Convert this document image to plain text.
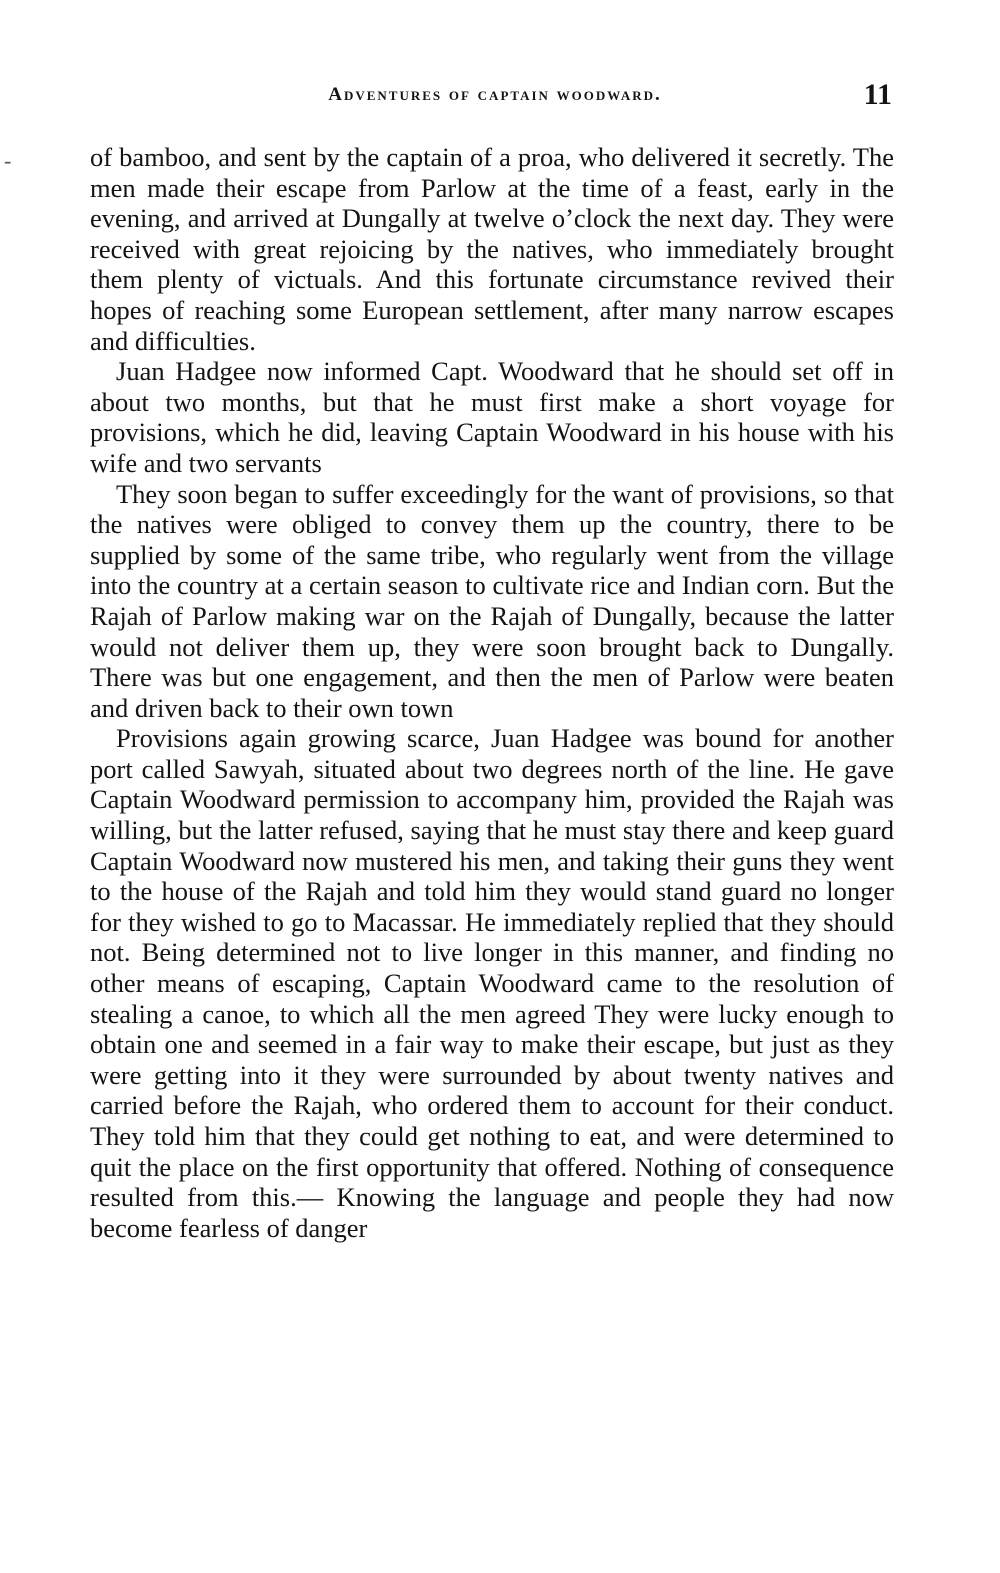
-
Adventures of captain woodward.	11

of bamboo, and sent by the captain of a proa, who delivered it secretly. The men made their escape from Parlow at the time of a feast, early in the evening, and arrived at Dungally at twelve o’clock the next day. They were received with great rejoicing by the natives, who immediately brought them plenty of victuals. And this fortunate circumstance revived their hopes of reaching some European settlement, after many narrow escapes and difficulties.

Juan Hadgee now informed Capt. Woodward that he should set off in about two months, but that he must first make a short voyage for provisions, which he did, leaving Captain Woodward in his house with his wife and two servants

They soon began to suffer exceedingly for the want of provisions, so that the natives were obliged to convey them up the country, there to be supplied by some of the same tribe, who regularly went from the village into the country at a certain season to cultivate rice and Indian corn. But the Rajah of Parlow making war on the Rajah of Dungally, because the latter would not deliver them up, they were soon brought back to Dungally. There was but one engagement, and then the men of Parlow were beaten and driven back to their own town

Provisions again growing scarce, Juan Hadgee was bound for another port called Sawyah, situated about two degrees north of the line. He gave Captain Woodward permission to accompany him, provided the Rajah was willing, but the latter refused, saying that he must stay there and keep guard Captain Woodward now mustered his men, and taking their guns they went to the house of the Rajah and told him they would stand guard no longer for they wished to go to Macassar. He immediately replied that they should not. Being determined not to live longer in this manner, and finding no other means of escaping, Captain Woodward came to the resolution of stealing a canoe, to which all the men agreed They were lucky enough to obtain one and seemed in a fair way to make their escape, but just as they were getting into it they were surrounded by about twenty natives and carried before the Rajah, who ordered them to account for their conduct. They told him that they could get nothing to eat, and were determined to quit the place on the first opportunity that offered. Nothing of consequence resulted from this.— Knowing the language and people they had now become fearless of danger
